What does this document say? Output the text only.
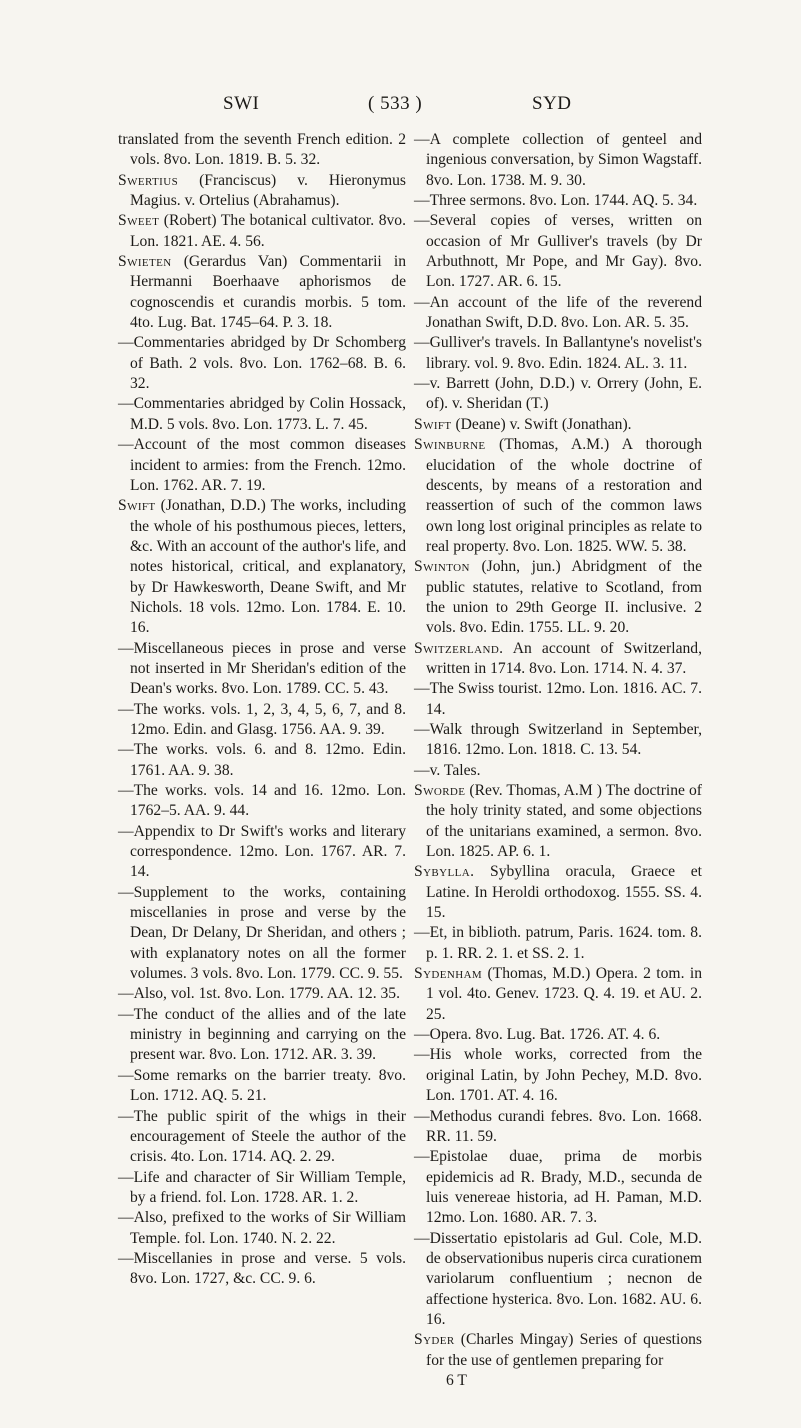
SWI	( 533 )	SYD

translated from the seventh French edition. 2 vols. 8vo. Lon. 1819. B. 5. 32.

Swertius (Franciscus) v. Hieronymus Magius. v. Ortelius (Abrahamus).

Sweet (Robert) The botanical cultivator. 8vo. Lon. 1821. AE. 4. 56.

Swieten (Gerardus Van) Commentarii in Hermanni Boerhaave aphorismos de cognoscendis et curandis morbis. 5 tom. 4to. Lug. Bat. 1745–64. P. 3. 18.

—Commentaries abridged by Dr Schomberg of Bath. 2 vols. 8vo. Lon. 1762–68. B. 6. 32.

—Commentaries abridged by Colin Hossack, M.D. 5 vols. 8vo. Lon. 1773. L. 7. 45.

—Account of the most common diseases incident to armies: from the French. 12mo. Lon. 1762. AR. 7. 19.

Swift (Jonathan, D.D.) The works, including the whole of his posthumous pieces, letters, &c. With an account of the author's life, and notes historical, critical, and explanatory, by Dr Hawkesworth, Deane Swift, and Mr Nichols. 18 vols. 12mo. Lon. 1784. E. 10. 16.

—Miscellaneous pieces in prose and verse not inserted in Mr Sheridan's edition of the Dean's works. 8vo. Lon. 1789. CC. 5. 43.

—The works. vols. 1, 2, 3, 4, 5, 6, 7, and 8. 12mo. Edin. and Glasg. 1756. AA. 9. 39.

—The works. vols. 6. and 8. 12mo. Edin. 1761. AA. 9. 38.

—The works. vols. 14 and 16. 12mo. Lon. 1762–5. AA. 9. 44.

—Appendix to Dr Swift's works and literary correspondence. 12mo. Lon. 1767. AR. 7. 14.

—Supplement to the works, containing miscellanies in prose and verse by the Dean, Dr Delany, Dr Sheridan, and others ; with explanatory notes on all the former volumes. 3 vols. 8vo. Lon. 1779. CC. 9. 55.

—Also, vol. 1st. 8vo. Lon. 1779. AA. 12. 35.

—The conduct of the allies and of the late ministry in beginning and carrying on the present war. 8vo. Lon. 1712. AR. 3. 39.

—Some remarks on the barrier treaty. 8vo. Lon. 1712. AQ. 5. 21.

—The public spirit of the whigs in their encouragement of Steele the author of the crisis. 4to. Lon. 1714. AQ. 2. 29.

—Life and character of Sir William Temple, by a friend. fol. Lon. 1728. AR. 1. 2.

—Also, prefixed to the works of Sir William Temple. fol. Lon. 1740. N. 2. 22.

—Miscellanies in prose and verse. 5 vols. 8vo. Lon. 1727, &c. CC. 9. 6.

—A complete collection of genteel and ingenious conversation, by Simon Wagstaff. 8vo. Lon. 1738. M. 9. 30.

—Three sermons. 8vo. Lon. 1744. AQ. 5. 34.

—Several copies of verses, written on occasion of Mr Gulliver's travels (by Dr Arbuthnott, Mr Pope, and Mr Gay). 8vo. Lon. 1727. AR. 6. 15.

—An account of the life of the reverend Jonathan Swift, D.D. 8vo. Lon. AR. 5. 35.

—Gulliver's travels. In Ballantyne's novelist's library. vol. 9. 8vo. Edin. 1824. AL. 3. 11.

—v. Barrett (John, D.D.) v. Orrery (John, E. of). v. Sheridan (T.)

Swift (Deane) v. Swift (Jonathan).

Swinburne (Thomas, A.M.) A thorough elucidation of the whole doctrine of descents, by means of a restoration and reassertion of such of the common laws own long lost original principles as relate to real property. 8vo. Lon. 1825. WW. 5. 38.

Swinton (John, jun.) Abridgment of the public statutes, relative to Scotland, from the union to 29th George II. inclusive. 2 vols. 8vo. Edin. 1755. LL. 9. 20.

Switzerland. An account of Switzerland, written in 1714. 8vo. Lon. 1714. N. 4. 37.

—The Swiss tourist. 12mo. Lon. 1816. AC. 7. 14.

—Walk through Switzerland in September, 1816. 12mo. Lon. 1818. C. 13. 54.

—v. Tales.

Sworde (Rev. Thomas, A.M ) The doctrine of the holy trinity stated, and some objections of the unitarians examined, a sermon. 8vo. Lon. 1825. AP. 6. 1.

Sybylla. Sybyllina oracula, Graece et Latine. In Heroldi orthodoxog. 1555. SS. 4. 15.

—Et, in biblioth. patrum, Paris. 1624. tom. 8. p. 1. RR. 2. 1. et SS. 2. 1.

Sydenham (Thomas, M.D.) Opera. 2 tom. in 1 vol. 4to. Genev. 1723. Q. 4. 19. et AU. 2. 25.

—Opera. 8vo. Lug. Bat. 1726. AT. 4. 6.

—His whole works, corrected from the original Latin, by John Pechey, M.D. 8vo. Lon. 1701. AT. 4. 16.

—Methodus curandi febres. 8vo. Lon. 1668. RR. 11. 59.

—Epistolae duae, prima de morbis epidemicis ad R. Brady, M.D., secunda de luis venereae historia, ad H. Paman, M.D. 12mo. Lon. 1680. AR. 7. 3.

—Dissertatio epistolaris ad Gul. Cole, M.D. de observationibus nuperis circa curationem variolarum confluentium ; necnon de affectione hysterica. 8vo. Lon. 1682. AU. 6. 16.

Syder (Charles Mingay) Series of questions for the use of gentlemen preparing for

6 T
